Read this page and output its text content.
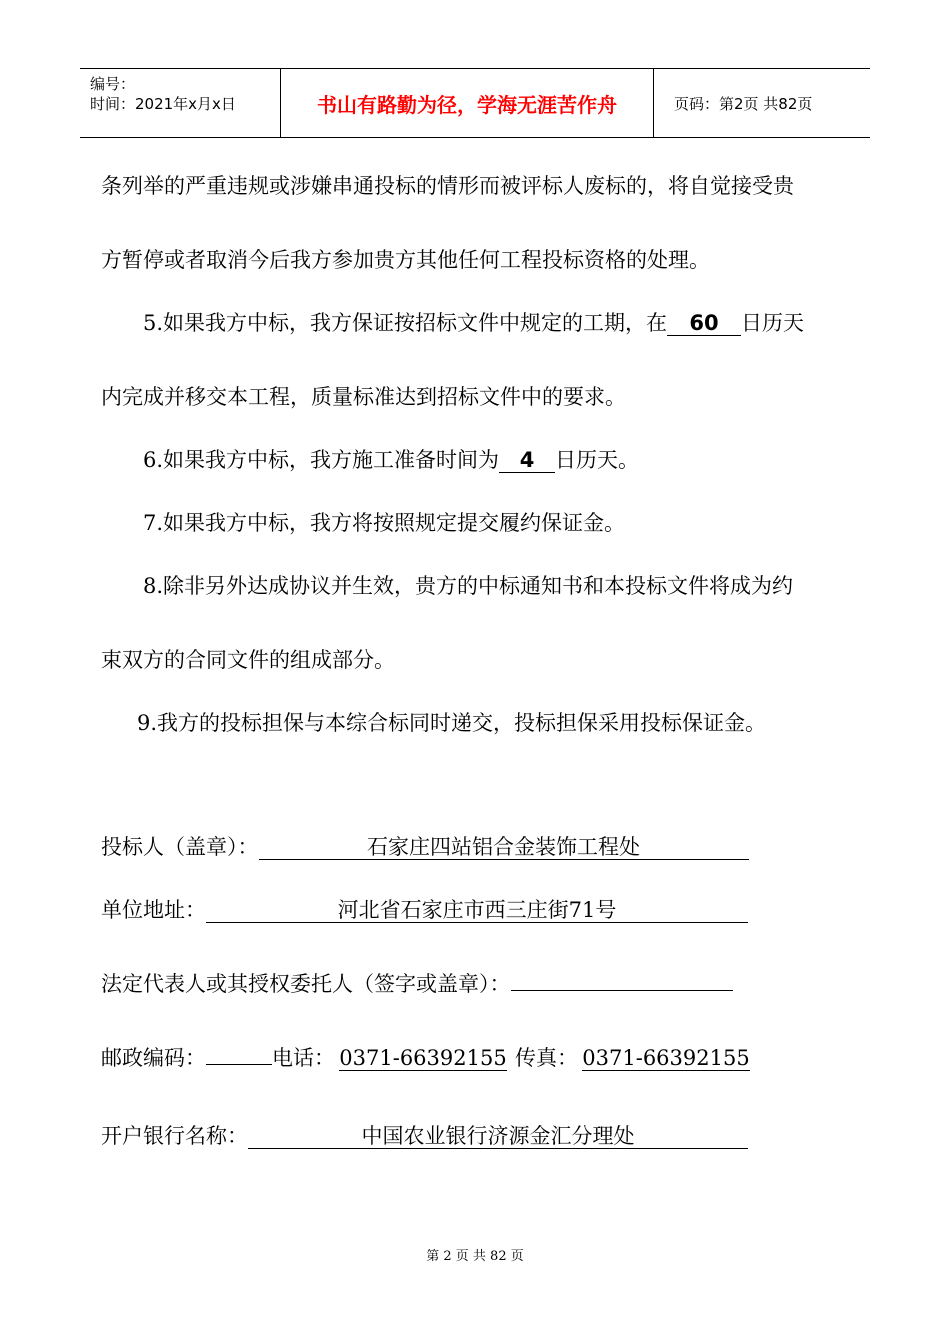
编号：
时间：2021年x月x日	书山有路勤为径，学海无涯苦作舟	页码：第2页 共82页
条列举的严重违规或涉嫌串通投标的情形而被评标人废标的，将自觉接受贵
方暂停或者取消今后我方参加贵方其他任何工程投标资格的处理。
5.如果我方中标，我方保证按招标文件中规定的工期，在 60 日历天
内完成并移交本工程，质量标准达到招标文件中的要求。
6.如果我方中标，我方施工准备时间为 4 日历天。
7.如果我方中标，我方将按照规定提交履约保证金。
8.除非另外达成协议并生效，贵方的中标通知书和本投标文件将成为约
束双方的合同文件的组成部分。
9.我方的投标担保与本综合标同时递交，投标担保采用投标保证金。
投标人（盖章）：	石家庄四站铝合金装饰工程处
单位地址：	河北省石家庄市西三庄街71号
法定代表人或其授权委托人（签字或盖章）：
邮政编码：	电话： 0371-66392155 传真： 0371-66392155
开户银行名称：	中国农业银行济源金汇分理处
第 2 页 共 82 页
